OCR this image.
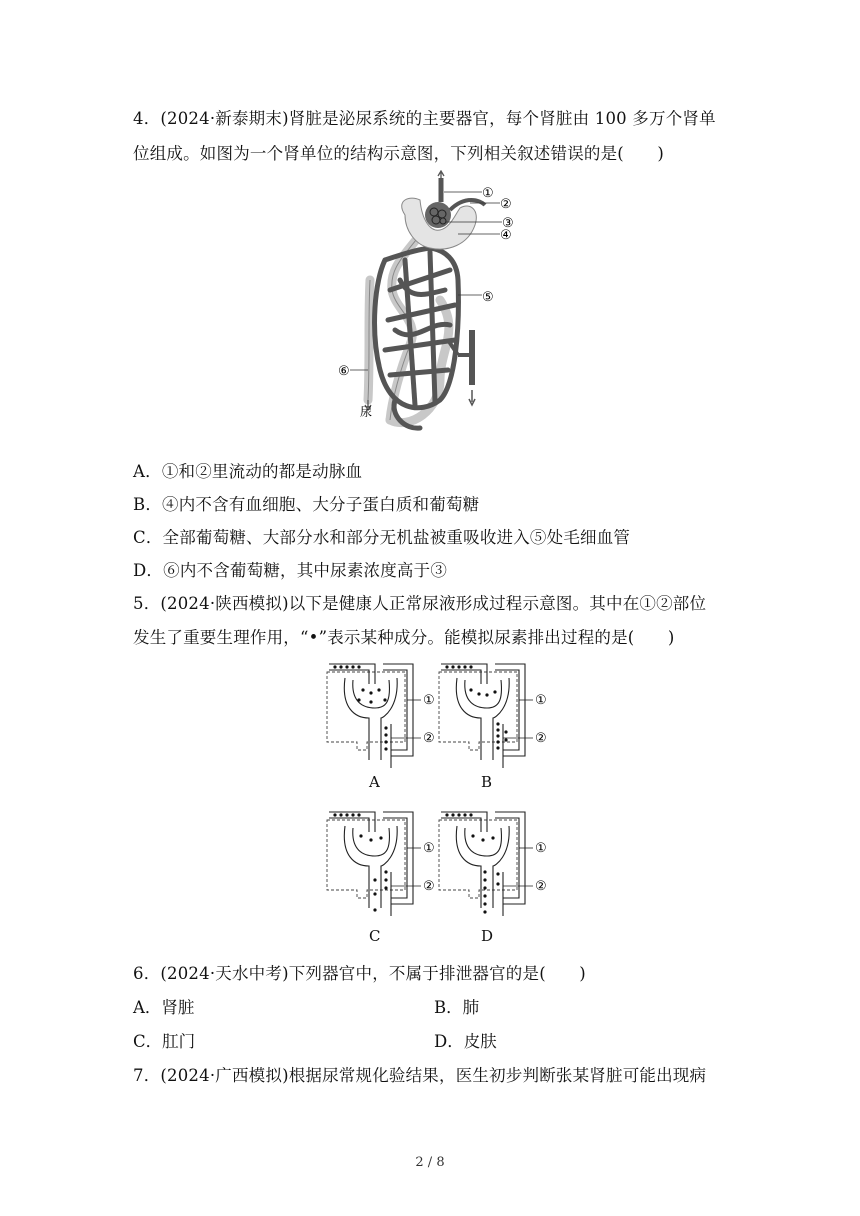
4．(2024·新泰期末)肾脏是泌尿系统的主要器官，每个肾脏由 100 多万个肾单
位组成。如图为一个肾单位的结构示意图，下列相关叙述错误的是(　　)
①
②
③
④
⑤
⑥
尿
A．①和②里流动的都是动脉血
B．④内不含有血细胞、大分子蛋白质和葡萄糖
C．全部葡萄糖、大部分水和部分无机盐被重吸收进入⑤处毛细血管
D．⑥内不含葡萄糖，其中尿素浓度高于③
5．(2024·陕西模拟)以下是健康人正常尿液形成过程示意图。其中在①②部位
发生了重要生理作用，“•”表示某种成分。能模拟尿素排出过程的是(　　)
①
②
①
②
①
②
①
②
A	B
C	D
6．(2024·天水中考)下列器官中，不属于排泄器官的是(　　)
A．肾脏	B．肺
C．肛门	D．皮肤
7．(2024·广西模拟)根据尿常规化验结果，医生初步判断张某肾脏可能出现病
2 / 8
